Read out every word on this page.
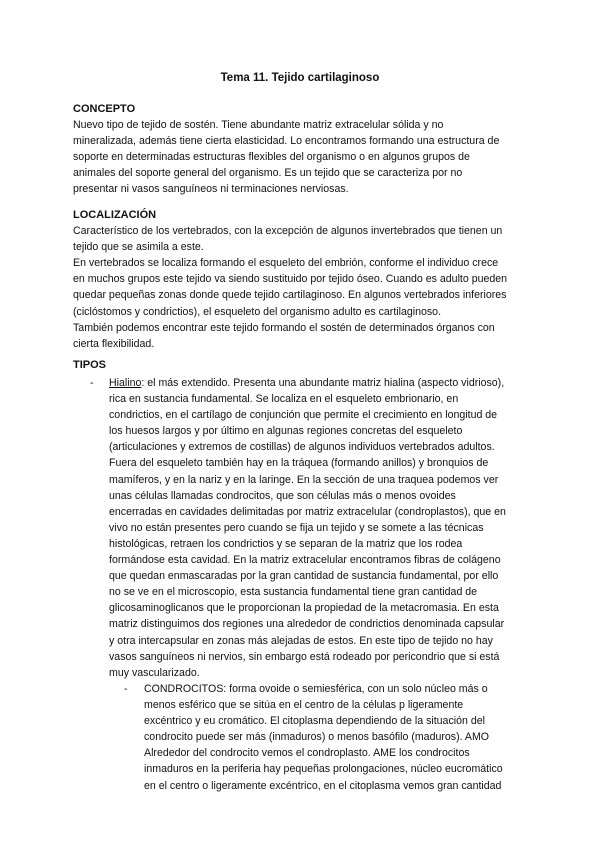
Tema 11. Tejido cartilaginoso
CONCEPTO
Nuevo tipo de tejido de sostén. Tiene abundante matriz extracelular sólida y no
mineralizada, además tiene cierta elasticidad. Lo encontramos formando una estructura de
soporte en determinadas estructuras flexibles del organismo o en algunos grupos de
animales del soporte general del organismo. Es un tejido que se caracteriza por no
presentar ni vasos sanguíneos ni terminaciones nerviosas.
LOCALIZACIÓN
Característico de los vertebrados, con la excepción de algunos invertebrados que tienen un
tejido que se asimila a este.
En vertebrados se localiza formando el esqueleto del embrión, conforme el individuo crece
en muchos grupos este tejido va siendo sustituido por tejido óseo. Cuando es adulto pueden
quedar pequeñas zonas donde quede tejido cartilaginoso. En algunos vertebrados inferiores
(ciclóstomos y condrictios), el esqueleto del organismo adulto es cartilaginoso.
También podemos encontrar este tejido formando el sostén de determinados órganos con
cierta flexibilidad.
TIPOS
- Hialino: el más extendido. Presenta una abundante matriz hialina (aspecto vidrioso),
rica en sustancia fundamental. Se localiza en el esqueleto embrionario, en
condrictios, en el cartílago de conjunción que permite el crecimiento en longitud de
los huesos largos y por último en algunas regiones concretas del esqueleto
(articulaciones y extremos de costillas) de algunos individuos vertebrados adultos.
Fuera del esqueleto también hay en la tráquea (formando anillos) y bronquios de
mamíferos, y en la nariz y en la laringe. En la sección de una traquea podemos ver
unas células llamadas condrocitos, que son células más o menos ovoides
encerradas en cavidades delimitadas por matriz extracelular (condroplastos), que en
vivo no están presentes pero cuando se fija un tejido y se somete a las técnicas
histológicas, retraen los condrictios y se separan de la matriz que los rodea
formándose esta cavidad. En la matriz extracelular encontramos fibras de colágeno
que quedan enmascaradas por la gran cantidad de sustancia fundamental, por ello
no se ve en el microscopio, esta sustancia fundamental tiene gran cantidad de
glicosaminoglicanos que le proporcionan la propiedad de la metacromasia. En esta
matriz distinguimos dos regiones una alrededor de condrictios denominada capsular
y otra intercapsular en zonas más alejadas de estos. En este tipo de tejido no hay
vasos sanguíneos ni nervios, sin embargo está rodeado por pericondrio que si está
muy vascularizado.
- CONDROCITOS: forma ovoide o semiesférica, con un solo núcleo más o
menos esférico que se sitúa en el centro de la células p ligeramente
excéntrico y eu cromático. El citoplasma dependiendo de la situación del
condrocito puede ser más (inmaduros) o menos basófilo (maduros). AMO
Alrededor del condrocito vemos el condroplasto. AME los condrocitos
inmaduros en la periferia hay pequeñas prolongaciones, núcleo eucromático
en el centro o ligeramente excéntrico, en el citoplasma vemos gran cantidad
